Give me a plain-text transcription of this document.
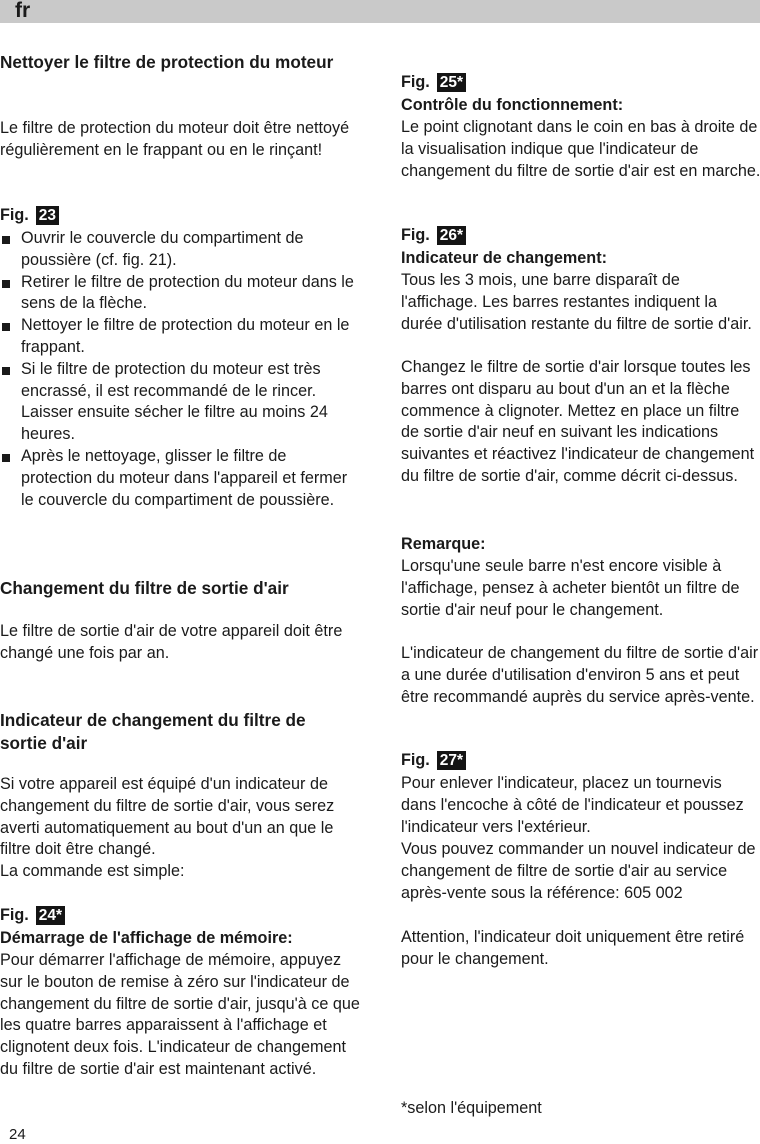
fr
Nettoyer le filtre de protection du moteur

Le filtre de protection du moteur doit être nettoyé régulièrement en le frappant ou en le rinçant!

Fig. 23
Ouvrir le couvercle du compartiment de poussière (cf. fig. 21).
Retirer le filtre de protection du moteur dans le sens de la flèche.
Nettoyer le filtre de protection du moteur en le frappant.
Si le filtre de protection du moteur est très encrassé, il est recommandé de le rincer. Laisser ensuite sécher le filtre au moins 24 heures.
Après le nettoyage, glisser le filtre de protection du moteur dans l'appareil et fermer le couvercle du compartiment de poussière.
Changement du filtre de sortie d'air

Le filtre de sortie d'air de votre appareil doit être changé une fois par an.

Indicateur de changement du filtre de sortie d'air

Si votre appareil est équipé d'un indicateur de changement du filtre de sortie d'air, vous serez averti automatiquement au bout d'un an que le filtre doit être changé.

La commande est simple:

Fig. 24*

Démarrage de l'affichage de mémoire:

Pour démarrer l'affichage de mémoire, appuyez sur le bouton de remise à zéro sur l'indicateur de changement du filtre de sortie d'air, jusqu'à ce que les quatre barres apparaissent à l'affichage et clignotent deux fois. L'indicateur de changement du filtre de sortie d'air est maintenant activé.

Fig. 25*

Contrôle du fonctionnement:

Le point clignotant dans le coin en bas à droite de la visualisation indique que l'indicateur de changement du filtre de sortie d'air est en marche.

Fig. 26*

Indicateur de changement:

Tous les 3 mois, une barre disparaît de l'affichage. Les barres restantes indiquent la durée d'utilisation restante du filtre de sortie d'air.

Changez le filtre de sortie d'air lorsque toutes les barres ont disparu au bout d'un an et la flèche commence à clignoter. Mettez en place un filtre de sortie d'air neuf en suivant les indications suivantes et réactivez l'indicateur de changement du filtre de sortie d'air, comme décrit ci-dessus.

Remarque:

Lorsqu'une seule barre n'est encore visible à l'affichage, pensez à acheter bientôt un filtre de sortie d'air neuf pour le changement.

L'indicateur de changement du filtre de sortie d'air a une durée d'utilisation d'environ 5 ans et peut être recommandé auprès du service après-vente.

Fig. 27*

Pour enlever l'indicateur, placez un tournevis dans l'encoche à côté de l'indicateur et poussez l'indicateur vers l'extérieur.

Vous pouvez commander un nouvel indicateur de changement de filtre de sortie d'air au service après-vente sous la référence: 605 002

Attention, l'indicateur doit uniquement être retiré pour le changement.

*selon l'équipement

24
